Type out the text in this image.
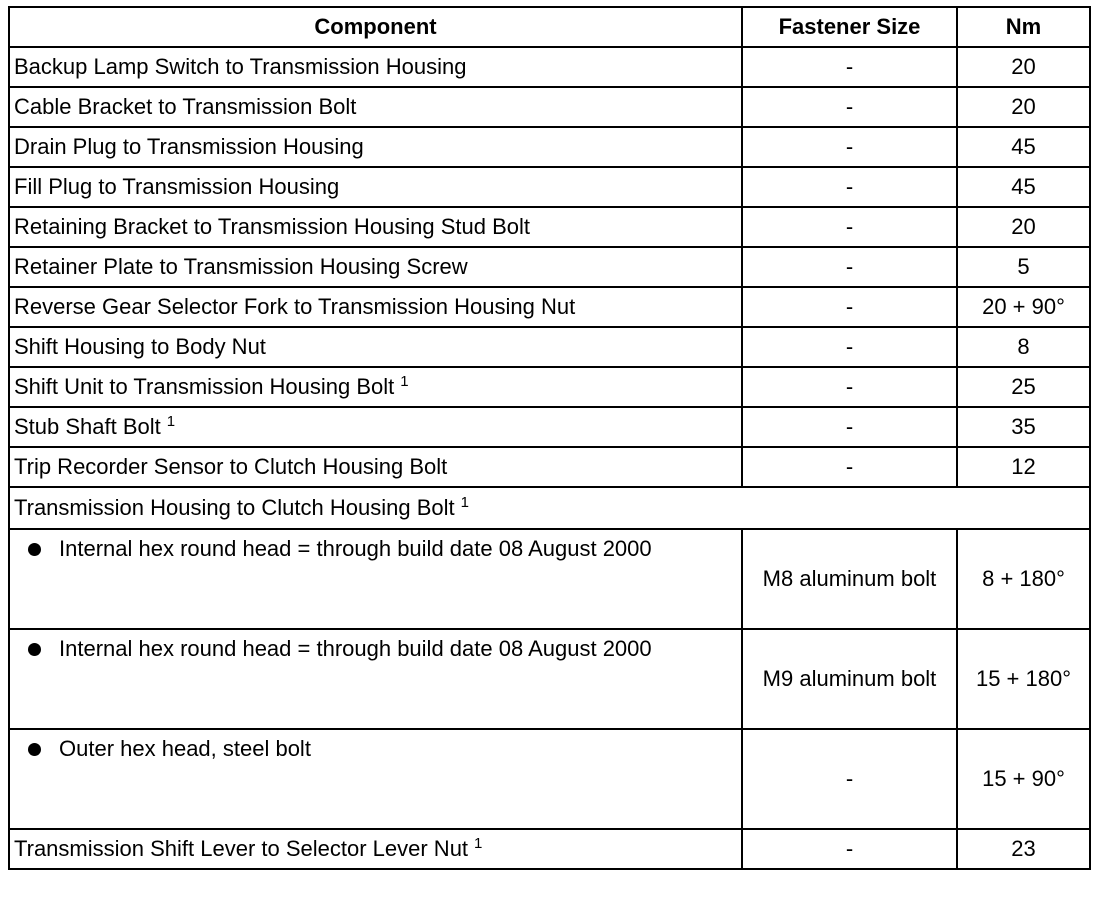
Component	Fastener Size	Nm
Backup Lamp Switch to Transmission Housing	-	20
Cable Bracket to Transmission Bolt	-	20
Drain Plug to Transmission Housing	-	45
Fill Plug to Transmission Housing	-	45
Retaining Bracket to Transmission Housing Stud Bolt	-	20
Retainer Plate to Transmission Housing Screw	-	5
Reverse Gear Selector Fork to Transmission Housing Nut	-	20 + 90°
Shift Housing to Body Nut	-	8
Shift Unit to Transmission Housing Bolt $^1$	-	25
Stub Shaft Bolt $^1$	-	35
Trip Recorder Sensor to Clutch Housing Bolt	-	12
Transmission Housing to Clutch Housing Bolt $^1$

Internal hex round head = through build date 08 August 2000	M8 aluminum bolt	8 + 180°

Internal hex round head = through build date 08 August 2000	M9 aluminum bolt	15 + 180°

Outer hex head, steel bolt	-	15 + 90°
Transmission Shift Lever to Selector Lever Nut $^1$	-	23
